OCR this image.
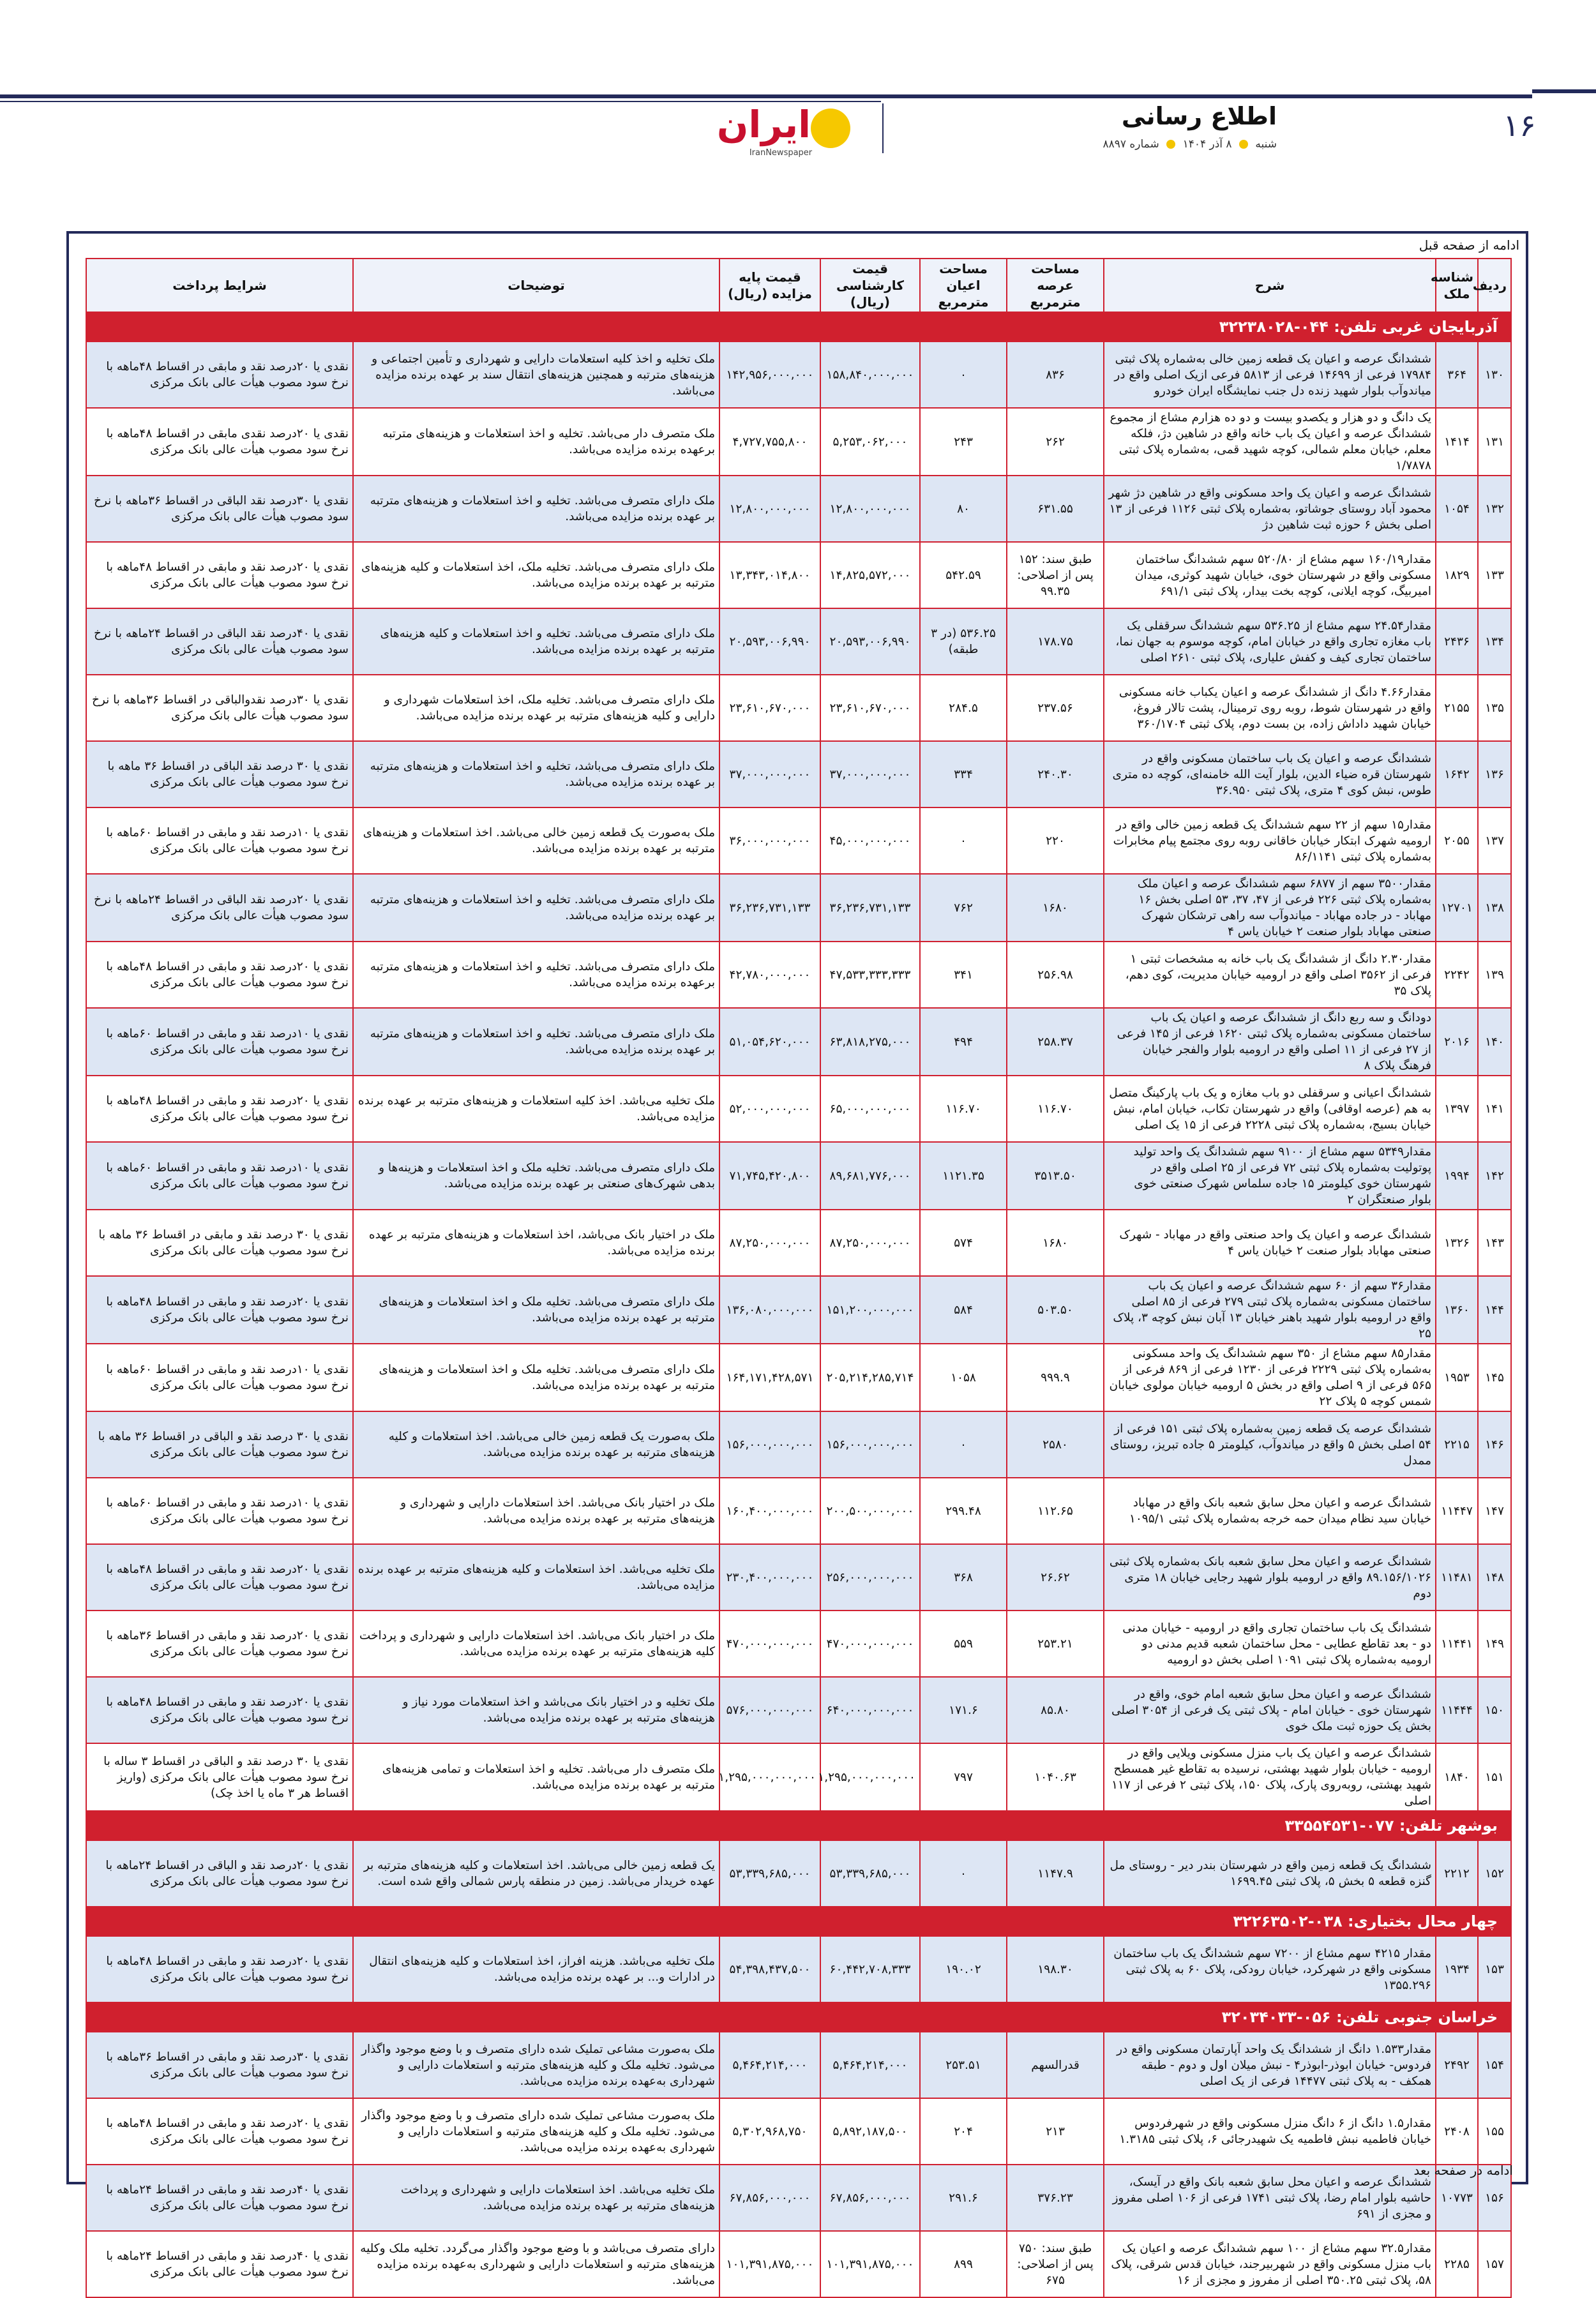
۱۶
اطلاع رسانی
شنبه  ۸ آذر ۱۴۰۴  شماره ۸۸۹۷
ایران
IranNewspaper
ادامه از صفحه قبل
ردیف	شناسه ملک	شرح	مساحت عرصه مترمربع	مساحت اعیان مترمربع	قیمت کارشناسی (ریال)	قیمت پایه مزایده (ریال)	توضیحات	شرایط پرداخت
آذربایجان غربی تلفن: ۰۴۴-۳۲۲۳۸۰۲۸								
۱۳۰	۳۶۴	ششدانگ عرصه و اعیان یک قطعه زمین خالی به‌شماره پلاک ثبتی ۱۷۹۸۴ فرعی از ۱۴۶۹۹ فرعی از ۵۸۱۳ فرعی ازیک اصلی واقع در میاندوآب بلوار شهید زنده دل جنب نمایشگاه ایران خودرو	۸۳۶	۰	۱۵۸,۸۴۰,۰۰۰,۰۰۰	۱۴۲,۹۵۶,۰۰۰,۰۰۰	ملک تخلیه و اخذ کلیه استعلامات دارایی و شهرداری و تأمین اجتماعی و هزینه‌های مترتبه و همچنین هزینه‌های انتقال سند بر عهده برنده مزایده می‌باشد.	نقدی یا ۲۰درصد نقد و مابقی در اقساط ۴۸ماهه با نرخ سود مصوب هیأت عالی بانک مرکزی
۱۳۱	۱۴۱۴	یک دانگ و دو هزار و یکصدو بیست و دو ده هزارم مشاع از مجموع ششدانگ عرصه و اعیان یک باب خانه واقع در شاهین دژ، فلکه معلم، خیابان معلم شمالی، کوچه شهید قمی، به‌شماره پلاک ثبتی ۱/۷۸۷۸	۲۶۲	۲۴۳	۵,۲۵۳,۰۶۲,۰۰۰	۴,۷۲۷,۷۵۵,۸۰۰	ملک متصرف دار می‌باشد. تخلیه و اخذ استعلامات و هزینه‌های مترتبه برعهده برنده مزایده می‌باشد.	نقدی یا ۲۰درصد نقدی مابقی در اقساط ۴۸ماهه با نرخ سود مصوب هیأت عالی بانک مرکزی
۱۳۲	۱۰۵۴	ششدانگ عرصه و اعیان یک واحد مسکونی واقع در شاهین دژ شهر محمود آباد روستای جوشاتو، به‌شماره پلاک ثبتی ۱۱۲۶ فرعی از ۱۳ اصلی بخش ۶ حوزه ثبت شاهین دژ	۶۳۱.۵۵	۸۰	۱۲,۸۰۰,۰۰۰,۰۰۰	۱۲,۸۰۰,۰۰۰,۰۰۰	ملک دارای متصرف می‌باشد. تخلیه و اخذ استعلامات و هزینه‌های مترتبه بر عهده برنده مزایده می‌باشد.	نقدی یا ۳۰درصد نقد الباقی در اقساط ۳۶ماهه با نرخ سود مصوب هیأت عالی بانک مرکزی
۱۳۳	۱۸۲۹	مقدار۱۶۰/۱۹ سهم مشاع از ۵۲۰/۸۰ سهم ششدانگ ساختمان مسکونی واقع در شهرستان خوی، خیابان شهید کوثری، میدان امیربیگ، کوچه ایلانی، کوچه بخت بیدار، پلاک ثبتی ۶۹۱/۱	طبق سند: ۱۵۲ پس از اصلاحی: ۹۹.۳۵	۵۴۲.۵۹	۱۴,۸۲۵,۵۷۲,۰۰۰	۱۳,۳۴۳,۰۱۴,۸۰۰	ملک دارای متصرف می‌باشد. تخلیه ملک، اخذ استعلامات و کلیه هزینه‌های مترتبه بر عهده برنده مزایده می‌باشد.	نقدی یا ۲۰درصد نقد و مابقی در اقساط ۴۸ماهه با نرخ سود مصوب هیأت عالی بانک مرکزی
۱۳۴	۲۴۳۶	مقدار۲۴.۵۴ سهم مشاع از ۵۳۶.۲۵ سهم ششدانگ سرقفلی یک باب مغازه تجاری واقع در خیابان امام، کوچه موسوم به جهان نما، ساختمان تجاری کیف و کفش علیاری، پلاک ثبتی ۲۶۱۰ اصلی	۱۷۸.۷۵	۵۳۶.۲۵ (در ۳ طبقه)	۲۰,۵۹۳,۰۰۶,۹۹۰	۲۰,۵۹۳,۰۰۶,۹۹۰	ملک دارای متصرف می‌باشد. تخلیه و اخذ استعلامات و کلیه هزینه‌های مترتبه بر عهده برنده مزایده می‌باشد.	نقدی یا ۴۰درصد نقد الباقی در اقساط ۲۴ماهه با نرخ سود مصوب هیأت عالی بانک مرکزی
۱۳۵	۲۱۵۵	مقدار۴.۶۶ دانگ از ششدانگ عرصه و اعیان یکباب خانه مسکونی واقع در شهرستان شوط، روبه روی ترمینال، پشت تالار فروغ، خیابان شهید داداش زاده، بن بست دوم، پلاک ثبتی ۳۶۰/۱۷۰۴	۲۳۷.۵۶	۲۸۴.۵	۲۳,۶۱۰,۶۷۰,۰۰۰	۲۳,۶۱۰,۶۷۰,۰۰۰	ملک دارای متصرف می‌باشد. تخلیه ملک، اخذ استعلامات شهرداری و دارایی و کلیه هزینه‌های مترتبه بر عهده برنده مزایده می‌باشد.	نقدی یا ۳۰درصد نقدوالباقی در اقساط ۳۶ماهه با نرخ سود مصوب هیأت عالی بانک مرکزی
۱۳۶	۱۶۴۲	ششدانگ عرصه و اعیان یک باب ساختمان مسکونی واقع در شهرستان قره ضیاء الدین، بلوار آیت الله خامنه‌ای، کوچه ده متری طوس، نبش کوی ۴ متری، پلاک ثبتی ۳۶.۹۵۰	۲۴۰.۳۰	۳۳۴	۳۷,۰۰۰,۰۰۰,۰۰۰	۳۷,۰۰۰,۰۰۰,۰۰۰	ملک دارای متصرف می‌باشد، تخلیه و اخذ استعلامات و هزینه‌های مترتبه بر عهده برنده مزایده می‌باشد.	نقدی یا ۳۰ درصد نقد الباقی در اقساط ۳۶ ماهه با نرخ سود مصوب هیأت عالی بانک مرکزی
۱۳۷	۲۰۵۵	مقدار۱۵ سهم از ۲۲ سهم ششدانگ یک قطعه زمین خالی واقع در ارومیه شهرک ابتکار خیابان خاقانی روبه روی مجتمع پیام مخابرات به‌شماره پلاک ثبتی ۸۶/۱۱۴۱	۲۲۰	۰	۴۵,۰۰۰,۰۰۰,۰۰۰	۳۶,۰۰۰,۰۰۰,۰۰۰	ملک به‌صورت یک قطعه زمین خالی می‌باشد. اخذ استعلامات و هزینه‌های مترتبه بر عهده برنده مزایده می‌باشد.	نقدی یا ۱۰درصد نقد و مابقی در اقساط ۶۰ماهه با نرخ سود مصوب هیأت عالی بانک مرکزی
۱۳۸	۱۲۷۰۱	مقدار۳۵۰۰ سهم از ۶۸۷۷ سهم ششدانگ عرصه و اعیان ملک به‌شماره پلاک ثبتی ۲۲۶ فرعی از ۴۷، ۳۷، ۵۳ اصلی بخش ۱۶ مهاباد - در جاده مهاباد - میاندوآب سه راهی ترشکان شهرک صنعتی مهاباد بلوار صنعت ۲ خیابان یاس ۴	۱۶۸۰	۷۶۲	۳۶,۲۳۶,۷۳۱,۱۳۳	۳۶,۲۳۶,۷۳۱,۱۳۳	ملک دارای متصرف می‌باشد. تخلیه و اخذ استعلامات و هزینه‌های مترتبه بر عهده برنده مزایده می‌باشد.	نقدی یا ۲۰درصد نقد الباقی در اقساط ۲۴ماهه با نرخ سود مصوب هیأت عالی بانک مرکزی
۱۳۹	۲۲۴۲	مقدار۲.۳۰ دانگ از ششدانگ یک باب خانه به مشخصات ثبتی ۱ فرعی از ۳۵۶۲ اصلی واقع در ارومیه خیابان مدیریت، کوی دهم، پلاک ۳۵	۲۵۶.۹۸	۳۴۱	۴۷,۵۳۳,۳۳۳,۳۳۳	۴۲,۷۸۰,۰۰۰,۰۰۰	ملک دارای متصرف می‌باشد. تخلیه و اخذ استعلامات و هزینه‌های مترتبه برعهده برنده مزایده می‌باشد.	نقدی یا ۲۰درصد نقد و مابقی در اقساط ۴۸ماهه با نرخ سود مصوب هیأت عالی بانک مرکزی
۱۴۰	۲۰۱۶	دودانگ و سه ربع دانگ از ششدانگ عرصه و اعیان یک باب ساختمان مسکونی به‌شماره پلاک ثبتی ۱۶۲۰ فرعی از ۱۴۵ فرعی از ۲۷ فرعی از ۱۱ اصلی واقع در ارومیه بلوار والفجر خیابان فرهنگ پلاک ۸	۲۵۸.۳۷	۴۹۴	۶۳,۸۱۸,۲۷۵,۰۰۰	۵۱,۰۵۴,۶۲۰,۰۰۰	ملک دارای متصرف می‌باشد. تخلیه و اخذ استعلامات و هزینه‌های مترتبه بر عهده برنده مزایده می‌باشد.	نقدی یا ۱۰درصد نقد و مابقی در اقساط ۶۰ماهه با نرخ سود مصوب هیأت عالی بانک مرکزی
۱۴۱	۱۳۹۷	ششدانگ اعیانی و سرقفلی دو باب مغازه و یک باب پارکینگ متصل به هم (عرصه اوقافی) واقع در شهرستان تکاب، خیابان امام، نبش خیابان بسیج، به‌شماره پلاک ثبتی ۲۲۲۸ فرعی از ۱۵ یک اصلی	۱۱۶.۷۰	۱۱۶.۷۰	۶۵,۰۰۰,۰۰۰,۰۰۰	۵۲,۰۰۰,۰۰۰,۰۰۰	ملک تخلیه می‌باشد. اخذ کلیه استعلامات و هزینه‌های مترتبه بر عهده برنده مزایده می‌باشد.	نقدی یا ۲۰درصد نقد و مابقی در اقساط ۴۸ماهه با نرخ سود مصوب هیأت عالی بانک مرکزی
۱۴۲	۱۹۹۴	مقدار۵۳۴۹ سهم مشاع از ۹۱۰۰ سهم ششدانگ یک واحد تولید پوتولیت به‌شماره پلاک ثبتی ۷۲ فرعی از ۲۵ اصلی واقع در شهرستان خوی کیلومتر ۱۵ جاده سلماس شهرک صنعتی خوی بلوار صنعتگران ۲	۳۵۱۳.۵۰	۱۱۲۱.۳۵	۸۹,۶۸۱,۷۷۶,۰۰۰	۷۱,۷۴۵,۴۲۰,۸۰۰	ملک دارای متصرف می‌باشد. تخلیه ملک و اخذ استعلامات و هزینه‌ها و بدهی شهرک‌های صنعتی بر عهده برنده مزایده می‌باشد.	نقدی یا ۱۰درصد نقد و مابقی در اقساط ۶۰ماهه با نرخ سود مصوب هیأت عالی بانک مرکزی
۱۴۳	۱۳۲۶	ششدانگ عرصه و اعیان یک واحد صنعتی واقع در مهاباد - شهرک صنعتی مهاباد بلوار صنعت ۲ خیابان یاس ۴	۱۶۸۰	۵۷۴	۸۷,۲۵۰,۰۰۰,۰۰۰	۸۷,۲۵۰,۰۰۰,۰۰۰	ملک در اختیار بانک می‌باشد، اخذ استعلامات و هزینه‌های مترتبه بر عهده برنده مزایده می‌باشد.	نقدی یا ۳۰ درصد نقد و مابقی در اقساط ۳۶ ماهه با نرخ سود مصوب هیأت عالی بانک مرکزی
۱۴۴	۱۳۶۰	مقدار۳۶ سهم از ۶۰ سهم ششدانگ عرصه و اعیان یک باب ساختمان مسکونی به‌شماره پلاک ثبتی ۲۷۹ فرعی از ۸۵ اصلی واقع در ارومیه بلوار شهید باهنر خیابان ۱۳ آبان نبش کوچه ۳، پلاک ۲۵	۵۰۳.۵۰	۵۸۴	۱۵۱,۲۰۰,۰۰۰,۰۰۰	۱۳۶,۰۸۰,۰۰۰,۰۰۰	ملک دارای متصرف می‌باشد. تخلیه ملک و اخذ استعلامات و هزینه‌های مترتبه بر عهده برنده مزایده می‌باشد.	نقدی یا ۲۰درصد نقد و مابقی در اقساط ۴۸ماهه با نرخ سود مصوب هیأت عالی بانک مرکزی
۱۴۵	۱۹۵۳	مقدار۸۵ سهم مشاع از ۳۵۰ سهم ششدانگ یک واحد مسکونی به‌شماره پلاک ثبتی ۲۲۲۹ فرعی از ۱۲۳۰ فرعی از ۸۶۹ فرعی از ۵۶۵ فرعی از ۹ اصلی واقع در بخش ۵ ارومیه خیابان مولوی خیابان شمس کوچه ۵ پلاک ۲۲	۹۹۹.۹	۱۰۵۸	۲۰۵,۲۱۴,۲۸۵,۷۱۴	۱۶۴,۱۷۱,۴۲۸,۵۷۱	ملک دارای متصرف می‌باشد. تخلیه ملک و اخذ استعلامات و هزینه‌های مترتبه بر عهده برنده مزایده می‌باشد.	نقدی یا ۱۰درصد نقد و مابقی در اقساط ۶۰ماهه با نرخ سود مصوب هیأت عالی بانک مرکزی
۱۴۶	۲۲۱۵	ششدانگ عرصه یک قطعه زمین به‌شماره پلاک ثبتی ۱۵۱ فرعی از ۵۴ اصلی بخش ۵ واقع در میاندوآب، کیلومتر ۵ جاده تبریز، روستای ممدل	۲۵۸۰	۰	۱۵۶,۰۰۰,۰۰۰,۰۰۰	۱۵۶,۰۰۰,۰۰۰,۰۰۰	ملک به‌صورت یک قطعه زمین خالی می‌باشد. اخذ استعلامات و کلیه هزینه‌های مترتبه بر عهده برنده مزایده می‌باشد.	نقدی یا ۳۰ درصد نقد و الباقی در اقساط ۳۶ ماهه با نرخ سود مصوب هیأت عالی بانک مرکزی
۱۴۷	۱۱۴۴۷	ششدانگ عرصه و اعیان محل سابق شعبه بانک واقع در مهاباد خیابان سید نظام میدان حمه خرجه به‌شماره پلاک ثبتی ۱۰۹۵/۱	۱۱۲.۶۵	۲۹۹.۴۸	۲۰۰,۵۰۰,۰۰۰,۰۰۰	۱۶۰,۴۰۰,۰۰۰,۰۰۰	ملک در اختیار بانک می‌باشد. اخذ استعلامات دارایی و شهرداری و هزینه‌های مترتبه بر عهده برنده مزایده می‌باشد.	نقدی یا ۱۰درصد نقد و مابقی در اقساط ۶۰ماهه با نرخ سود مصوب هیأت عالی بانک مرکزی
۱۴۸	۱۱۴۸۱	ششدانگ عرصه و اعیان محل سابق شعبه بانک به‌شماره پلاک ثبتی ۸۹.۱۵۶/۱۰۲۶ واقع در ارومیه بلوار شهید رجایی خیابان ۱۸ متری دوم	۲۶.۶۲	۳۶۸	۲۵۶,۰۰۰,۰۰۰,۰۰۰	۲۳۰,۴۰۰,۰۰۰,۰۰۰	ملک تخلیه می‌باشد. اخذ استعلامات و کلیه هزینه‌های مترتبه بر عهده برنده مزایده می‌باشد.	نقدی یا ۲۰درصد نقد و مابقی در اقساط ۴۸ماهه با نرخ سود مصوب هیأت عالی بانک مرکزی
۱۴۹	۱۱۴۴۱	ششدانگ یک باب ساختمان تجاری واقع در ارومیه - خیابان مدنی دو - بعد تقاطع عطایی - محل ساختمان شعبه قدیم مدنی دو ارومیه به‌شماره پلاک ثبتی ۱۰۹۱ اصلی بخش دو ارومیه	۲۵۳.۲۱	۵۵۹	۴۷۰,۰۰۰,۰۰۰,۰۰۰	۴۷۰,۰۰۰,۰۰۰,۰۰۰	ملک در اختیار بانک می‌باشد. اخذ استعلامات دارایی و شهرداری و پرداخت کلیه هزینه‌های مترتبه بر عهده برنده مزایده می‌باشد.	نقدی یا ۲۰درصد نقد و مابقی در اقساط ۳۶ماهه با نرخ سود مصوب هیأت عالی بانک مرکزی
۱۵۰	۱۱۴۴۴	ششدانگ عرصه و اعیان محل سابق شعبه امام خوی، واقع در شهرستان خوی - خیابان امام - پلاک ثبتی یک فرعی از ۳۰۵۴ اصلی بخش یک حوزه ثبت ملک خوی	۸۵.۸۰	۱۷۱.۶	۶۴۰,۰۰۰,۰۰۰,۰۰۰	۵۷۶,۰۰۰,۰۰۰,۰۰۰	ملک تخلیه و در اختیار بانک می‌باشد و اخذ استعلامات مورد نیاز و هزینه‌های مترتبه بر عهده برنده مزایده می‌باشد.	نقدی یا ۲۰درصد نقد و مابقی در اقساط ۴۸ماهه با نرخ سود مصوب هیأت عالی بانک مرکزی
۱۵۱	۱۸۴۰	ششدانگ عرصه و اعیان یک باب منزل مسکونی ویلایی واقع در ارومیه - خیابان بلوار شهید بهشتی، نرسیده به تقاطع غیر همسطح شهید بهشتی، روبه‌روی پارک، پلاک ۱۵۰، پلاک ثبتی ۲ فرعی از ۱۱۷ اصلی	۱۰۴۰.۶۳	۷۹۷	۱,۲۹۵,۰۰۰,۰۰۰,۰۰۰	۱,۲۹۵,۰۰۰,۰۰۰,۰۰۰	ملک متصرف دار می‌باشد. تخلیه و اخذ استعلامات و تمامی هزینه‌های مترتبه بر عهده برنده مزایده می‌باشد.	نقدی یا ۳۰ درصد نقد و الباقی در اقساط ۳ ساله با نرخ سود مصوب هیأت عالی بانک مرکزی (واریز اقساط هر ۳ ماه یا اخذ چک)
بوشهر تلفن: ۰۷۷-۳۳۵۵۴۵۳۱								
۱۵۲	۲۲۱۲	ششدانگ یک قطعه زمین واقع در شهرستان بندر دیر - روستای مل گنزه قطعه ۵ بخش ۵، پلاک ثبتی ۱۶۹۹.۴۵	۱۱۴۷.۹	۰	۵۳,۳۳۹,۶۸۵,۰۰۰	۵۳,۳۳۹,۶۸۵,۰۰۰	یک قطعه زمین خالی می‌باشد. اخذ استعلامات و کلیه هزینه‌های مترتبه بر عهده خریدار می‌باشد. زمین در منطقه پارس شمالی واقع شده است.	نقدی یا ۲۰درصد نقد و الباقی در اقساط ۲۴ماهه با نرخ سود مصوب هیأت عالی بانک مرکزی
چهار محال بختیاری: ۰۳۸-۳۲۲۶۳۵۰۲								
۱۵۳	۱۹۳۴	مقدار ۴۲۱۵ سهم مشاع از ۷۲۰۰ سهم ششدانگ یک باب ساختمان مسکونی واقع در شهرکرد، خیابان رودکی، پلاک ۶۰ به پلاک ثبتی ۱۳۵۵.۲۹۶	۱۹۸.۳۰	۱۹۰.۰۲	۶۰,۴۴۲,۷۰۸,۳۳۳	۵۴,۳۹۸,۴۳۷,۵۰۰	ملک تخلیه می‌باشد. هزینه افراز، اخذ استعلامات و کلیه هزینه‌های انتقال در ادارات و... بر عهده برنده مزایده می‌باشد.	نقدی یا ۲۰درصد نقد و مابقی در اقساط ۴۸ماهه با نرخ سود مصوب هیأت عالی بانک مرکزی
خراسان جنوبی تلفن: ۰۵۶-۳۲۰۳۴۰۳۳								
۱۵۴	۲۴۹۲	مقدار۱.۵۳۳ دانگ از ششدانگ یک واحد آپارتمان مسکونی واقع در فردوس- خیابان ابوذر-ابوذر۴ - نبش میلان اول و دوم - طبقه همکف - به پلاک ثبتی ۱۴۴۷۷ فرعی از یک اصلی	قدرالسهم	۲۵۳.۵۱	۵,۴۶۴,۲۱۴,۰۰۰	۵,۴۶۴,۲۱۴,۰۰۰	ملک به‌صورت مشاعی تملیک شده دارای متصرف و با وضع موجود واگذار می‌شود. تخلیه ملک و کلیه هزینه‌های مترتبه و استعلامات دارایی و شهرداری به‌عهده برنده مزایده می‌باشد.	نقدی یا ۳۰درصد نقد و مابقی در اقساط ۳۶ماهه با نرخ سود مصوب هیأت عالی بانک مرکزی
۱۵۵	۲۴۰۸	مقدار۱.۵ دانگ از ۶ دانگ منزل مسکونی واقع در شهرفردوس خیابان فاطمیه نبش فاطمیه یک شهیدرجائی ۶، پلاک ثبتی ۱.۳۱۸۵	۲۱۳	۲۰۴	۵,۸۹۲,۱۸۷,۵۰۰	۵,۳۰۲,۹۶۸,۷۵۰	ملک به‌صورت مشاعی تملیک شده دارای متصرف و با وضع موجود واگذار می‌شود. تخلیه ملک و کلیه هزینه‌های مترتبه و استعلامات دارایی و شهرداری به‌عهده برنده مزایده می‌باشد.	نقدی یا ۲۰درصد نقد و مابقی در اقساط ۴۸ماهه با نرخ سود مصوب هیأت عالی بانک مرکزی
۱۵۶	۱۰۷۷۳	ششدانگ عرصه و اعیان محل سابق شعبه بانک واقع در آیسک، حاشیه بلوار امام رضا، پلاک ثبتی ۱۷۴۱ فرعی از ۱۰۶ اصلی مفروز و مجزی از ۶۹۱	۳۷۶.۲۳	۲۹۱.۶	۶۷,۸۵۶,۰۰۰,۰۰۰	۶۷,۸۵۶,۰۰۰,۰۰۰	ملک تخلیه می‌باشد. اخذ استعلامات دارایی و شهرداری و پرداخت هزینه‌های مترتبه بر عهده برنده مزایده می‌باشد.	نقدی یا ۴۰درصد نقد و مابقی در اقساط ۲۴ماهه با نرخ سود مصوب هیأت عالی بانک مرکزی
۱۵۷	۲۲۸۵	مقدار۳۲.۵ سهم مشاع از ۱۰۰ سهم ششدانگ عرصه و اعیان یک باب منزل مسکونی واقع در شهربیرجند، خیابان قدس شرقی، پلاک ۵۸، پلاک ثبتی ۳۵۰.۲۵ اصلی از مفروز و مجزی از ۱۶	طبق سند: ۷۵۰ پس از اصلاحی: ۶۷۵	۸۹۹	۱۰۱,۳۹۱,۸۷۵,۰۰۰	۱۰۱,۳۹۱,۸۷۵,۰۰۰	دارای متصرف می‌باشد و با وضع موجود واگذار می‌گردد. تخلیه ملک وکلیه هزینه‌های مترتبه و استعلامات دارایی و شهرداری به‌عهده برنده مزایده می‌باشد.	نقدی یا ۴۰درصد نقد و مابقی در اقساط ۲۴ماهه با نرخ سود مصوب هیأت عالی بانک مرکزی
ادامه در صفحه بعد
